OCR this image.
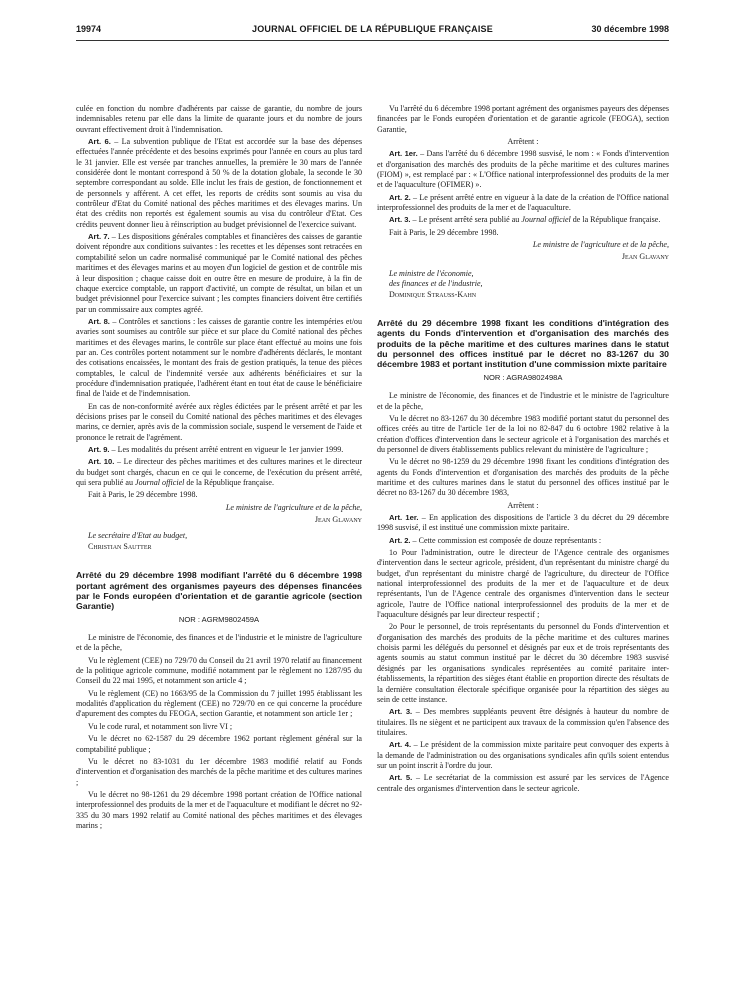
19974	JOURNAL OFFICIEL DE LA RÉPUBLIQUE FRANÇAISE	30 décembre 1998

culée en fonction du nombre d'adhérents par caisse de garantie, du nombre de jours indemnisables retenu par elle dans la limite de quarante jours et du nombre de jours ouvrant effectivement droit à l'indemnisation.

Art. 6. – La subvention publique de l'Etat est accordée sur la base des dépenses effectuées l'année précédente et des besoins exprimés pour l'année en cours au plus tard le 31 janvier. Elle est versée par tranches annuelles, la première le 30 mars de l'année considérée dont le montant correspond à 50 % de la dotation globale, la seconde le 30 septembre correspondant au solde. Elle inclut les frais de gestion, de fonctionnement et de personnels y afférent. A cet effet, les reports de crédits sont soumis au visa du contrôleur d'Etat du Comité national des pêches maritimes et des élevages marins. Un état des crédits non reportés est également soumis au visa du contrôleur d'Etat. Ces crédits peuvent donner lieu à réinscription au budget prévisionnel de l'exercice suivant.

Art. 7. – Les dispositions générales comptables et financières des caisses de garantie doivent répondre aux conditions suivantes : les recettes et les dépenses sont retracées en comptabilité selon un cadre normalisé communiqué par le Comité national des pêches maritimes et des élevages marins et au moyen d'un logiciel de gestion et de contrôle mis à leur disposition ; chaque caisse doit en outre être en mesure de produire, à la fin de chaque exercice comptable, un rapport d'activité, un compte de résultat, un bilan et un budget prévisionnel pour l'exercice suivant ; les comptes financiers doivent être certifiés par un commissaire aux comptes agréé.

Art. 8. – Contrôles et sanctions : les caisses de garantie contre les intempéries et/ou avaries sont soumises au contrôle sur pièce et sur place du Comité national des pêches maritimes et des élevages marins, le contrôle sur place étant effectué au moins une fois par an. Ces contrôles portent notamment sur le nombre d'adhérents déclarés, le montant des cotisations encaissées, le montant des frais de gestion pratiqués, la tenue des pièces comptables, le calcul de l'indemnité versée aux adhérents bénéficiaires et sur la procédure d'indemnisation pratiquée, l'adhérent étant en tout état de cause le bénéficiaire final de l'aide et de l'indemnisation.

En cas de non-conformité avérée aux règles édictées par le présent arrêté et par les décisions prises par le conseil du Comité national des pêches maritimes et des élevages marins, ce dernier, après avis de la commission sociale, suspend le versement de l'aide et prononce le retrait de l'agrément.

Art. 9. – Les modalités du présent arrêté entrent en vigueur le 1er janvier 1999.

Art. 10. – Le directeur des pêches maritimes et des cultures marines et le directeur du budget sont chargés, chacun en ce qui le concerne, de l'exécution du présent arrêté, qui sera publié au Journal officiel de la République française.

Fait à Paris, le 29 décembre 1998.

Le ministre de l'agriculture et de la pêche,

Jean Glavany

Le secrétaire d'Etat au budget,

Christian Sautter

Arrêté du 29 décembre 1998 modifiant l'arrêté du 6 décembre 1998 portant agrément des organismes payeurs des dépenses financées par le Fonds européen d'orientation et de garantie agricole (section Garantie)

NOR : AGRM9802459A

Le ministre de l'économie, des finances et de l'industrie et le ministre de l'agriculture et de la pêche,

Vu le règlement (CEE) no 729/70 du Conseil du 21 avril 1970 relatif au financement de la politique agricole commune, modifié notamment par le règlement no 1287/95 du Conseil du 22 mai 1995, et notamment son article 4 ;

Vu le règlement (CE) no 1663/95 de la Commission du 7 juillet 1995 établissant les modalités d'application du règlement (CEE) no 729/70 en ce qui concerne la procédure d'apurement des comptes du FEOGA, section Garantie, et notamment son article 1er ;

Vu le code rural, et notamment son livre VI ;

Vu le décret no 62-1587 du 29 décembre 1962 portant règlement général sur la comptabilité publique ;

Vu le décret no 83-1031 du 1er décembre 1983 modifié relatif au Fonds d'intervention et d'organisation des marchés de la pêche maritime et des cultures marines ;

Vu le décret no 98-1261 du 29 décembre 1998 portant création de l'Office national interprofessionnel des produits de la mer et de l'aquaculture et modifiant le décret no 92-335 du 30 mars 1992 relatif au Comité national des pêches maritimes et des élevages marins ;

Vu l'arrêté du 6 décembre 1998 portant agrément des organismes payeurs des dépenses financées par le Fonds européen d'orientation et de garantie agricole (FEOGA), section Garantie,

Arrêtent :

Art. 1er. – Dans l'arrêté du 6 décembre 1998 susvisé, le nom : « Fonds d'intervention et d'organisation des marchés des produits de la pêche maritime et des cultures marines (FIOM) », est remplacé par : « L'Office national interprofessionnel des produits de la mer et de l'aquaculture (OFIMER) ».

Art. 2. – Le présent arrêté entre en vigueur à la date de la création de l'Office national interprofessionnel des produits de la mer et de l'aquaculture.

Art. 3. – Le présent arrêté sera publié au Journal officiel de la République française.

Fait à Paris, le 29 décembre 1998.

Le ministre de l'agriculture et de la pêche,

Jean Glavany

Le ministre de l'économie,

des finances et de l'industrie,

Dominique Strauss-Kahn

Arrêté du 29 décembre 1998 fixant les conditions d'intégration des agents du Fonds d'intervention et d'organisation des marchés des produits de la pêche maritime et des cultures marines dans le statut du personnel des offices institué par le décret no 83-1267 du 30 décembre 1983 et portant institution d'une commission mixte paritaire

NOR : AGRA9802498A

Le ministre de l'économie, des finances et de l'industrie et le ministre de l'agriculture et de la pêche,

Vu le décret no 83-1267 du 30 décembre 1983 modifié portant statut du personnel des offices créés au titre de l'article 1er de la loi no 82-847 du 6 octobre 1982 relative à la création d'offices d'intervention dans le secteur agricole et à l'organisation des marchés et du personnel de divers établissements publics relevant du ministère de l'agriculture ;

Vu le décret no 98-1259 du 29 décembre 1998 fixant les conditions d'intégration des agents du Fonds d'intervention et d'organisation des marchés des produits de la pêche maritime et des cultures marines dans le statut du personnel des offices institué par le décret no 83-1267 du 30 décembre 1983,

Arrêtent :

Art. 1er. – En application des dispositions de l'article 3 du décret du 29 décembre 1998 susvisé, il est institué une commission mixte paritaire.

Art. 2. – Cette commission est composée de douze représentants :

1o Pour l'administration, outre le directeur de l'Agence centrale des organismes d'intervention dans le secteur agricole, président, d'un représentant du ministre chargé du budget, d'un représentant du ministre chargé de l'agriculture, du directeur de l'Office national interprofessionnel des produits de la mer et de l'aquaculture et de deux représentants, l'un de l'Agence centrale des organismes d'intervention dans le secteur agricole, l'autre de l'Office national interprofessionnel des produits de la mer et de l'aquaculture désignés par leur directeur respectif ;

2o Pour le personnel, de trois représentants du personnel du Fonds d'intervention et d'organisation des marchés des produits de la pêche maritime et des cultures marines choisis parmi les délégués du personnel et désignés par eux et de trois représentants des agents soumis au statut commun institué par le décret du 30 décembre 1983 susvisé désignés par les organisations syndicales représentées au comité paritaire inter-établissements, la répartition des sièges étant établie en proportion directe des résultats de la dernière consultation électorale spécifique organisée pour la répartition des sièges au sein de cette instance.

Art. 3. – Des membres suppléants peuvent être désignés à hauteur du nombre de titulaires. Ils ne siègent et ne participent aux travaux de la commission qu'en l'absence des titulaires.

Art. 4. – Le président de la commission mixte paritaire peut convoquer des experts à la demande de l'administration ou des organisations syndicales afin qu'ils soient entendus sur un point inscrit à l'ordre du jour.

Art. 5. – Le secrétariat de la commission est assuré par les services de l'Agence centrale des organismes d'intervention dans le secteur agricole.
